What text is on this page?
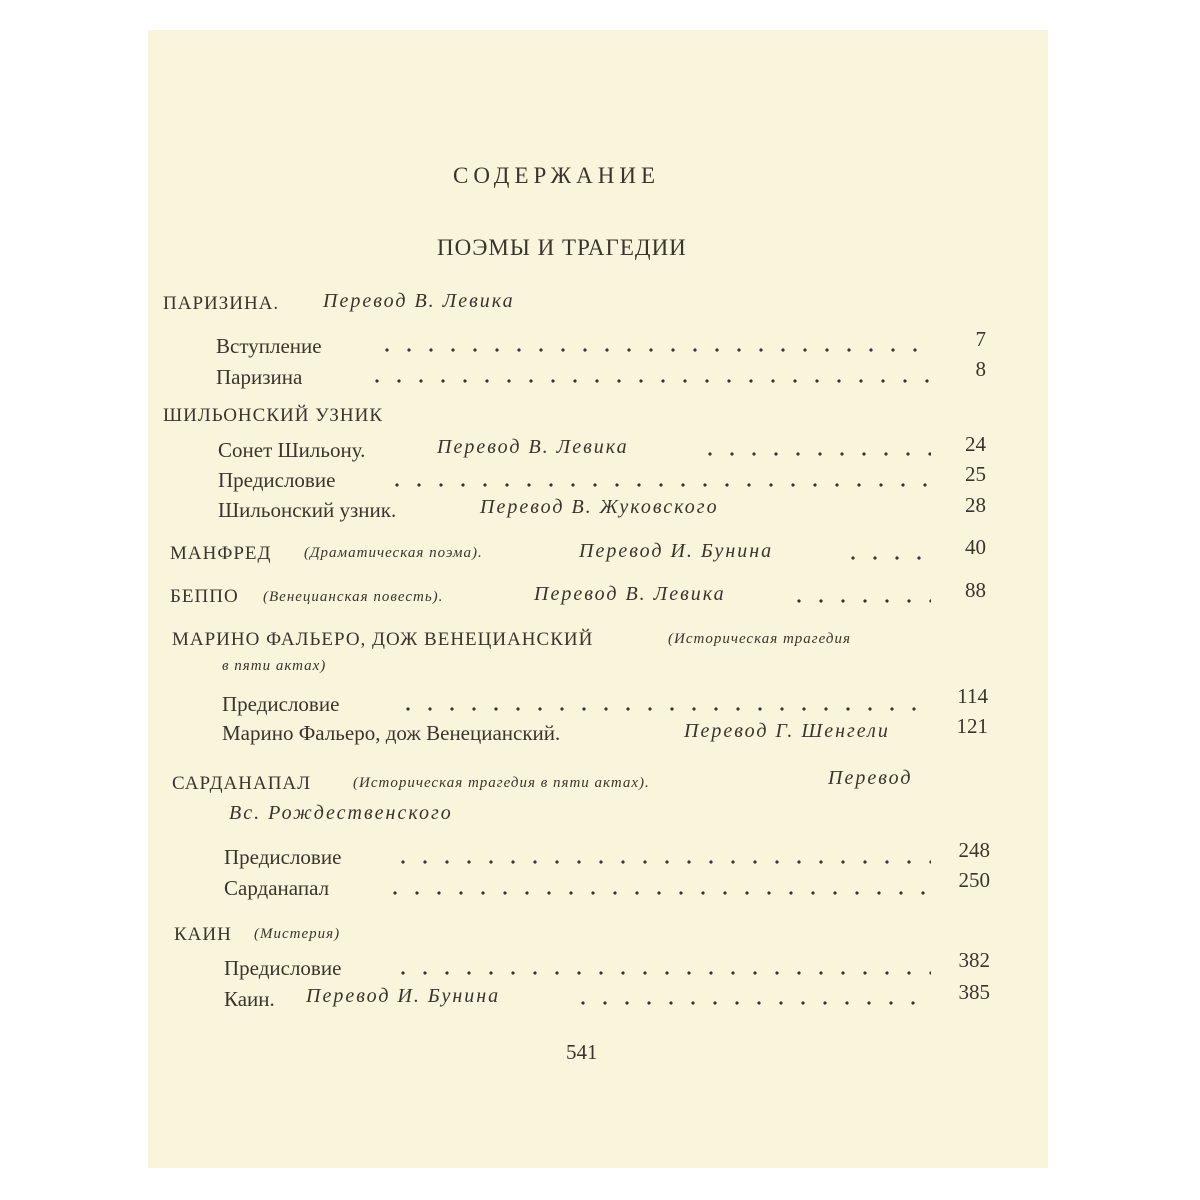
СОДЕРЖАНИЕ
ПОЭМЫ И ТРАГЕДИИ
ПАРИЗИНА. Перевод В. Левика
Вступление	7
Паризина	8
ШИЛЬОНСКИЙ УЗНИК
Сонет Шильону.	Перевод В. Левика	24
Предисловие	25
Шильонский узник.	Перевод В. Жуковского	28
МАНФРЕД (Драматическая поэма).	Перевод И. Бунина	40
БЕППО (Венецианская повесть).	Перевод В. Левика	88
МАРИНО ФАЛЬЕРО, ДОЖ ВЕНЕЦИАНСКИЙ	(Историческая трагедия
в пяти актах)
Предисловие	114
Марино Фальеро, дож Венецианский.	Перевод Г. Шенгели	121
САРДАНАПАЛ	(Историческая трагедия в пяти актах).	Перевод
Вс. Рождественского
Предисловие	248
Сарданапал	250
КАИН (Мистерия)
Предисловие	382
Каин. Перевод И. Бунина	385
541
